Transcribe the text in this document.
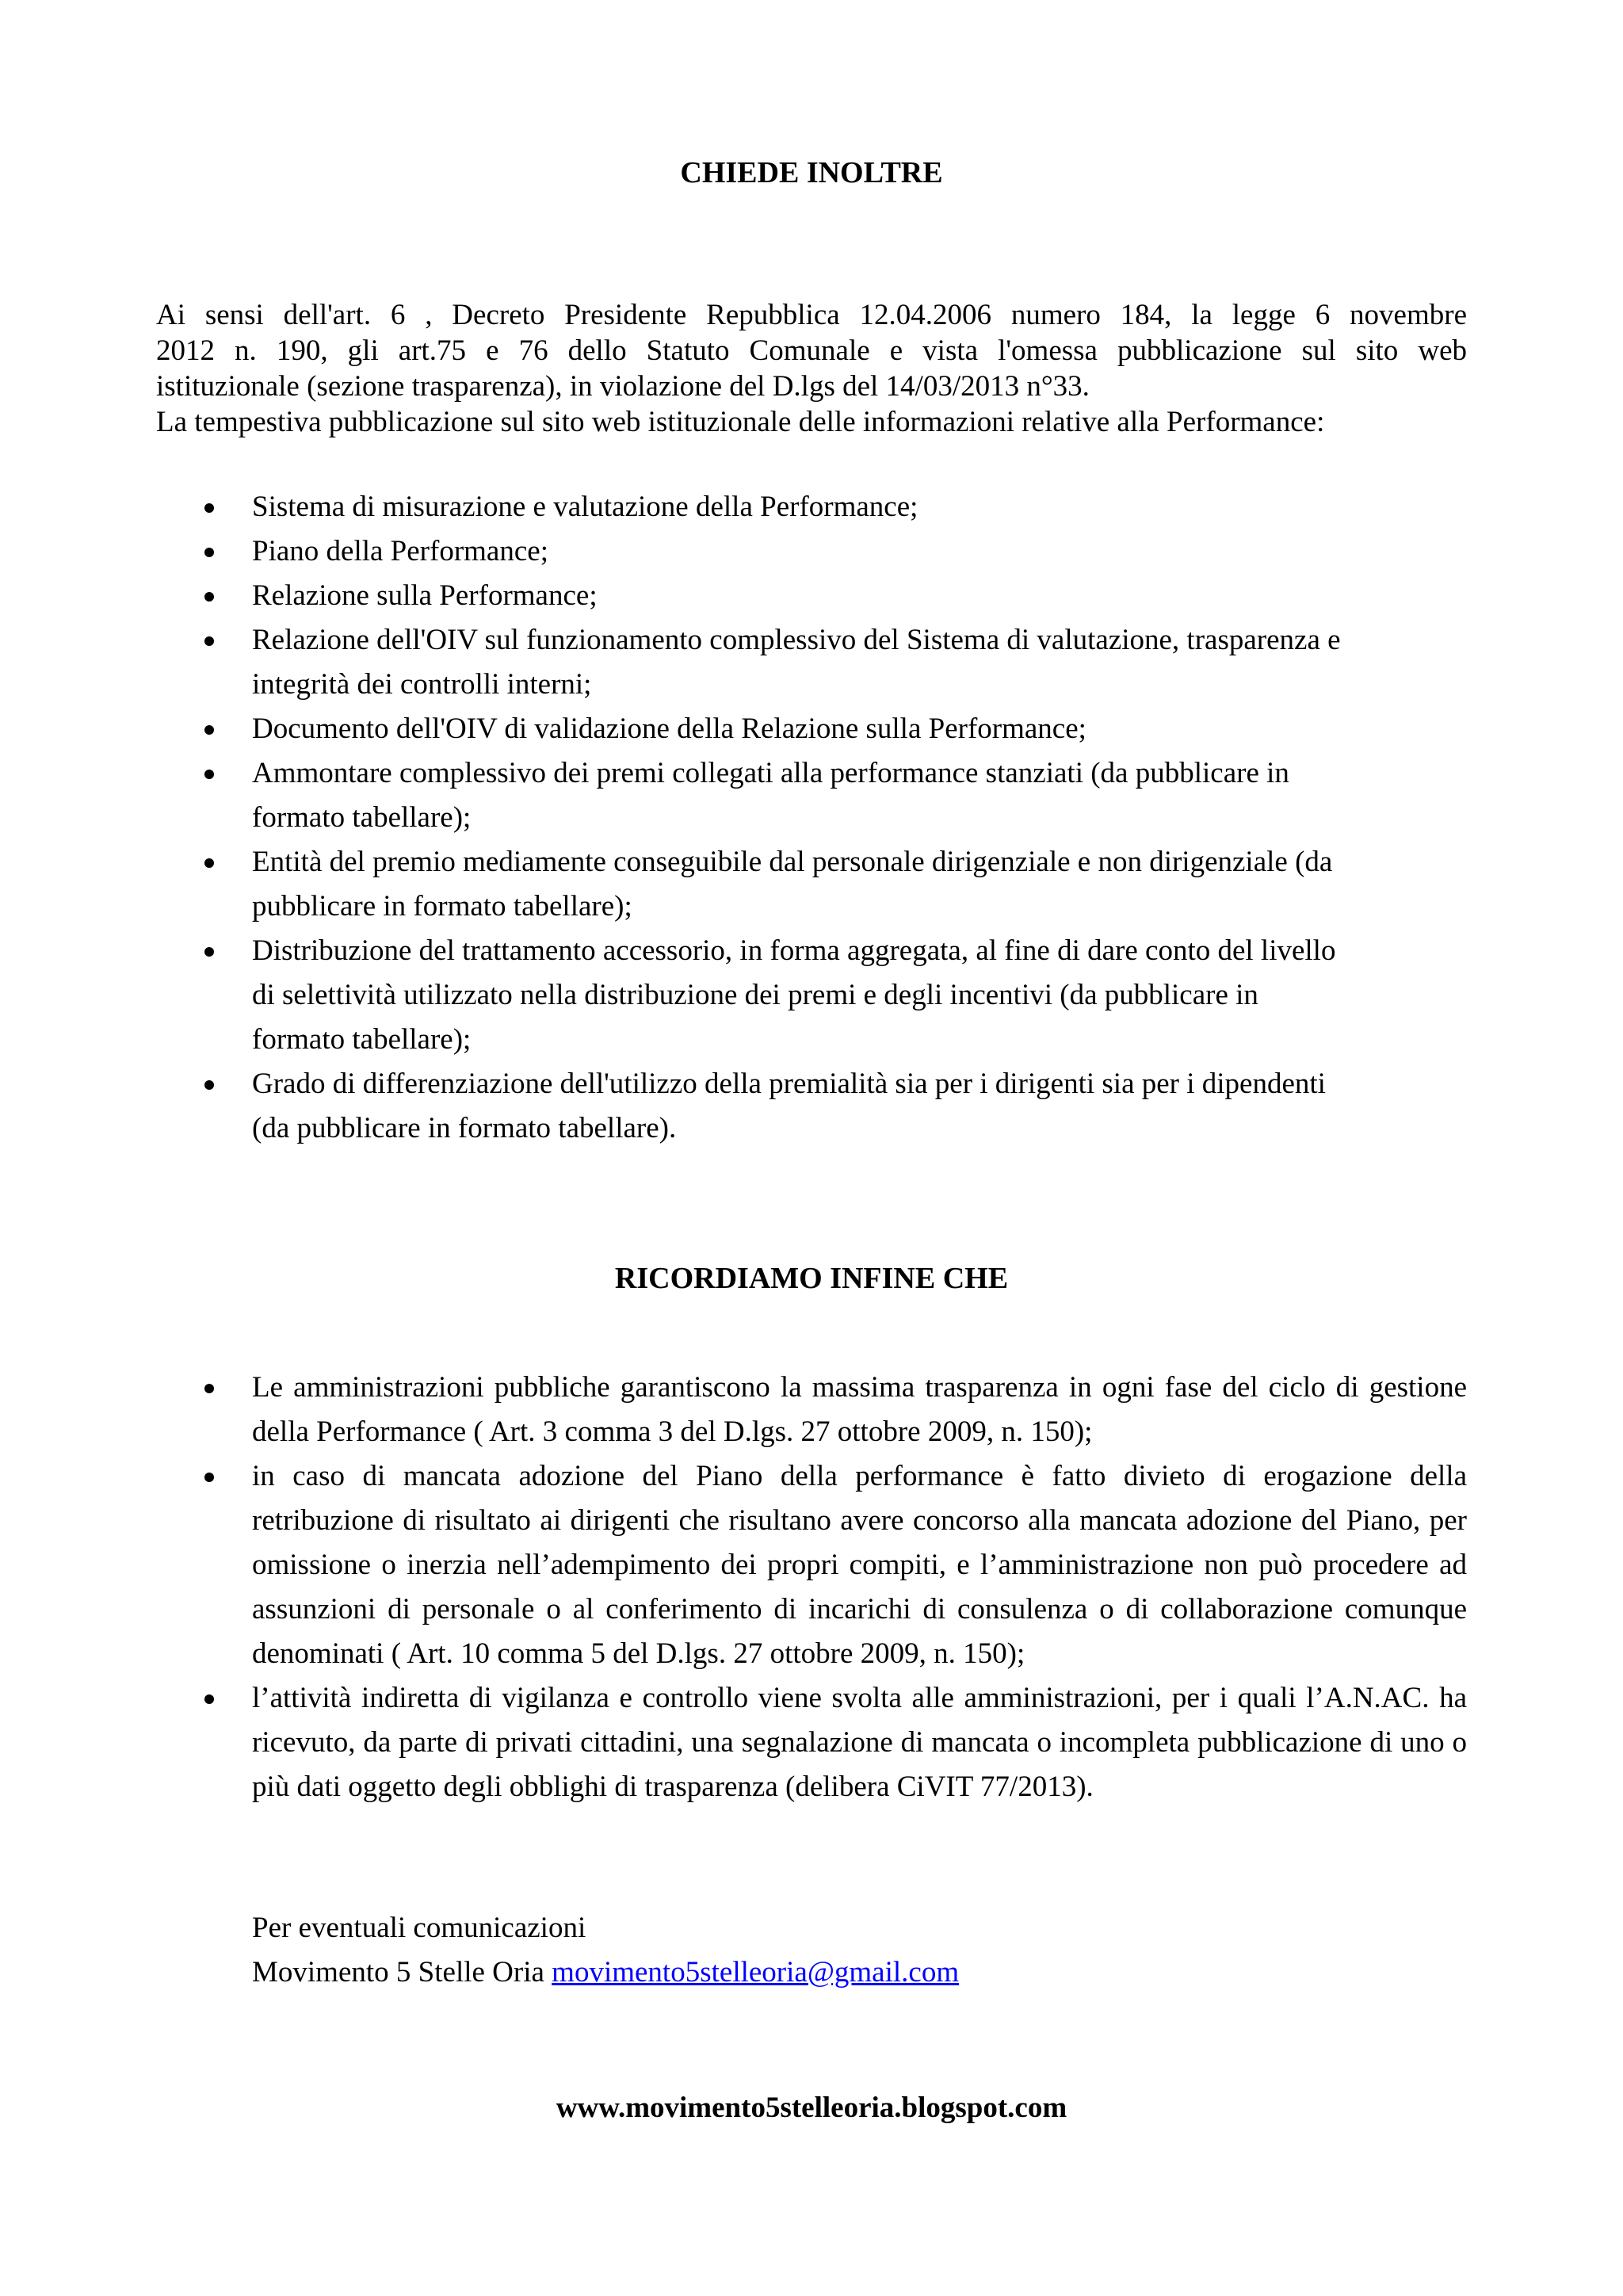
CHIEDE INOLTRE
Ai sensi dell'art. 6 , Decreto Presidente Repubblica 12.04.2006 numero 184, la legge 6 novembre
2012 n. 190, gli art.75 e 76 dello Statuto Comunale e vista l'omessa pubblicazione sul sito web
istituzionale (sezione trasparenza), in violazione del D.lgs del 14/03/2013 n°33.
La tempestiva pubblicazione sul sito web istituzionale delle informazioni relative alla Performance:
Sistema di misurazione e valutazione della Performance;
Piano della Performance;
Relazione sulla Performance;
Relazione dell'OIV sul funzionamento complessivo del Sistema di valutazione, trasparenza e
integrità dei controlli interni;
Documento dell'OIV di validazione della Relazione sulla Performance;
Ammontare complessivo dei premi collegati alla performance stanziati (da pubblicare in
formato tabellare);
Entità del premio mediamente conseguibile dal personale dirigenziale e non dirigenziale (da
pubblicare in formato tabellare);
Distribuzione del trattamento accessorio, in forma aggregata, al fine di dare conto del livello
di selettività utilizzato nella distribuzione dei premi e degli incentivi (da pubblicare in
formato tabellare);
Grado di differenziazione dell'utilizzo della premialità sia per i dirigenti sia per i dipendenti
(da pubblicare in formato tabellare).
RICORDIAMO INFINE CHE
Le amministrazioni pubbliche garantiscono la massima trasparenza in ogni fase del ciclo di gestione della Performance ( Art. 3 comma 3 del D.lgs. 27 ottobre 2009, n. 150);
in caso di mancata adozione del Piano della performance è fatto divieto di erogazione della retribuzione di risultato ai dirigenti che risultano avere concorso alla mancata adozione del Piano, per omissione o inerzia nell’adempimento dei propri compiti, e l’amministrazione non può procedere ad assunzioni di personale o al conferimento di incarichi di consulenza o di collaborazione comunque denominati ( Art. 10 comma 5 del D.lgs. 27 ottobre 2009, n. 150);
l’attività indiretta di vigilanza e controllo viene svolta alle amministrazioni, per i quali l’A.N.AC. ha ricevuto, da parte di privati cittadini, una segnalazione di mancata o incompleta pubblicazione di uno o più dati oggetto degli obblighi di trasparenza (delibera CiVIT 77/2013).
Per eventuali comunicazioni
Movimento 5 Stelle Oria movimento5stelleoria@gmail.com
www.movimento5stelleoria.blogspot.com
